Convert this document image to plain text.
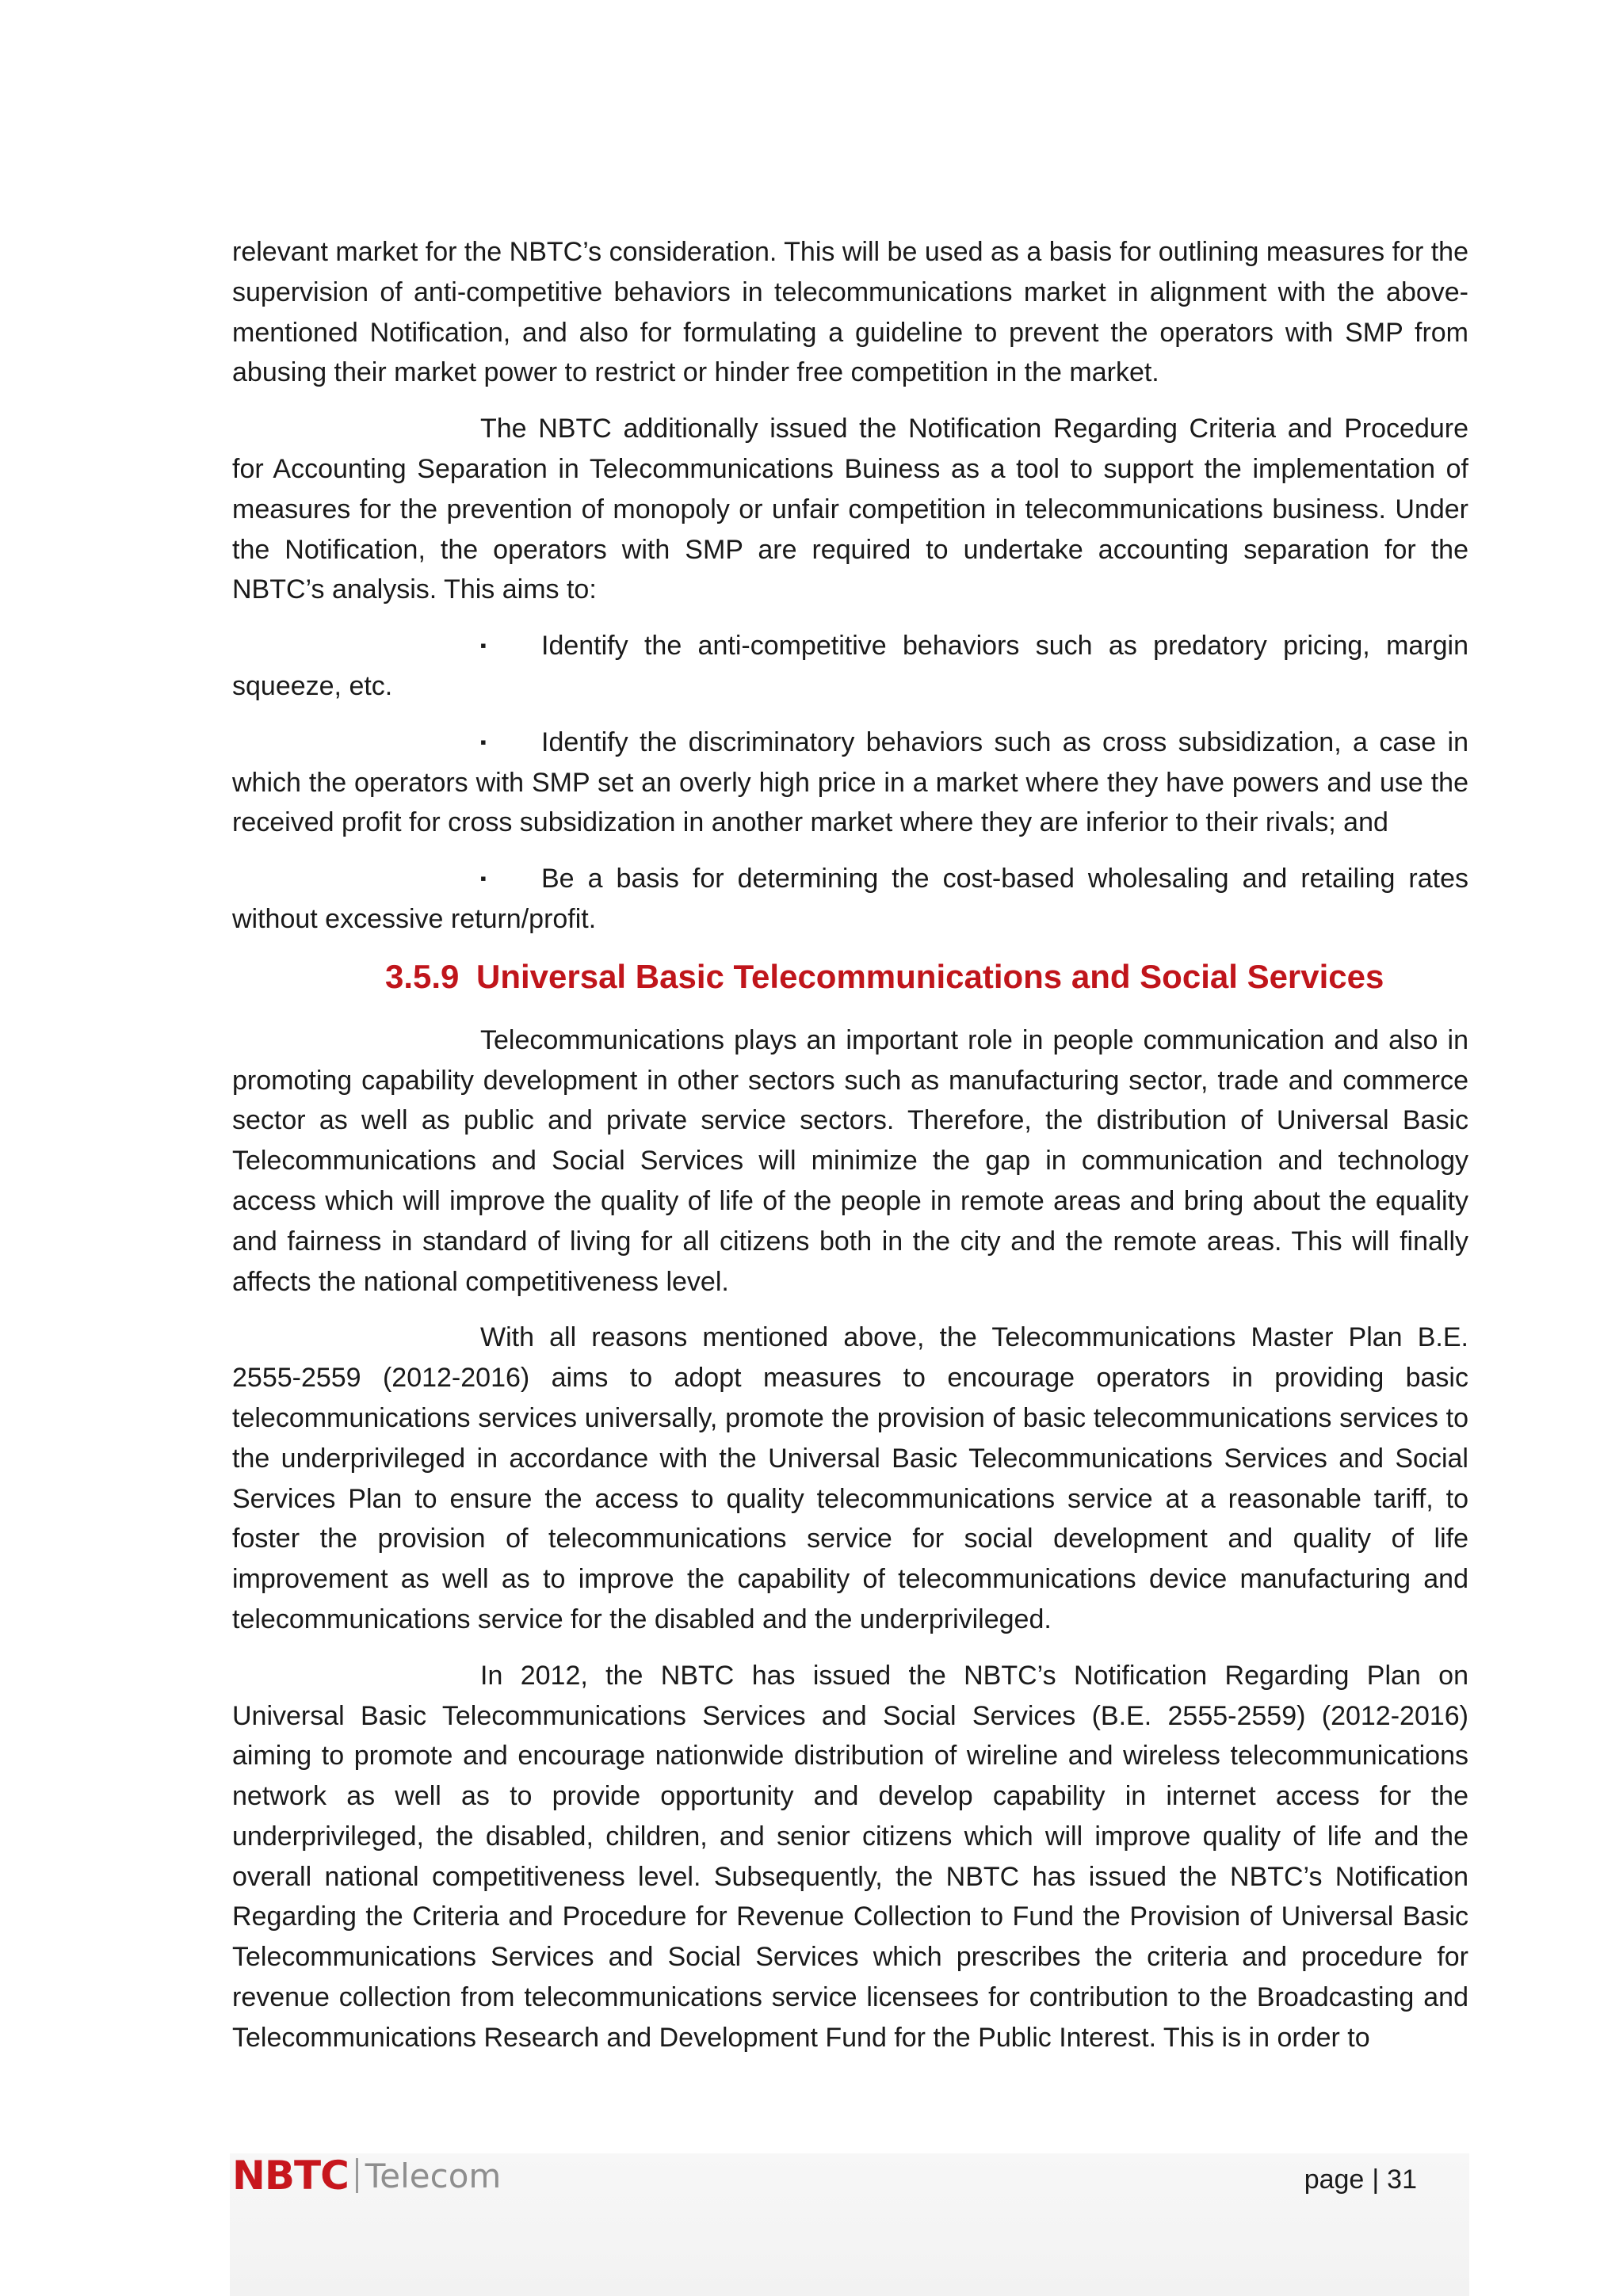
relevant market for the NBTC’s consideration. This will be used as a basis for outlining measures for the supervision of anti-competitive behaviors in telecommunications market in alignment with the above-mentioned Notification, and also for formulating a guideline to prevent the operators with SMP from abusing their market power to restrict or hinder free competition in the market.

The NBTC additionally issued the Notification Regarding Criteria and Procedure for Accounting Separation in Telecommunications Buiness as a tool to support the implementation of measures for the prevention of monopoly or unfair competition in telecommunications business. Under the Notification, the operators with SMP are required to undertake accounting separation for the NBTC’s analysis. This aims to:

▪ Identify the anti-competitive behaviors such as predatory pricing, margin squeeze, etc.

▪ Identify the discriminatory behaviors such as cross subsidization, a case in which the operators with SMP set an overly high price in a market where they have powers and use the received profit for cross subsidization in another market where they are inferior to their rivals; and

▪ Be a basis for determining the cost-based wholesaling and retailing rates without excessive return/profit.

3.5.9 Universal Basic Telecommunications and Social Services

Telecommunications plays an important role in people communication and also in promoting capability development in other sectors such as manufacturing sector, trade and commerce sector as well as public and private service sectors. Therefore, the distribution of Universal Basic Telecommunications and Social Services will minimize the gap in communication and technology access which will improve the quality of life of the people in remote areas and bring about the equality and fairness in standard of living for all citizens both in the city and the remote areas. This will finally affects the national competitiveness level.

With all reasons mentioned above, the Telecommunications Master Plan B.E. 2555-2559 (2012-2016) aims to adopt measures to encourage operators in providing basic telecommunications services universally, promote the provision of basic telecommunications services to the underprivileged in accordance with the Universal Basic Telecommunications Services and Social Services Plan to ensure the access to quality telecommunications service at a reasonable tariff, to foster the provision of telecommunications service for social development and quality of life improvement as well as to improve the capability of telecommunications device manufacturing and telecommunications service for the disabled and the underprivileged.

In 2012, the NBTC has issued the NBTC’s Notification Regarding Plan on Universal Basic Telecommunications Services and Social Services (B.E. 2555-2559) (2012-2016) aiming to promote and encourage nationwide distribution of wireline and wireless telecommunications network as well as to provide opportunity and develop capability in internet access for the underprivileged, the disabled, children, and senior citizens which will improve quality of life and the overall national competitiveness level. Subsequently, the NBTC has issued the NBTC’s Notification Regarding the Criteria and Procedure for Revenue Collection to Fund the Provision of Universal Basic Telecommunications Services and Social Services which prescribes the criteria and procedure for revenue collection from telecommunications service licensees for contribution to the Broadcasting and Telecommunications Research and Development Fund for the Public Interest. This is in order to

NBTC Telecom	page | 31
